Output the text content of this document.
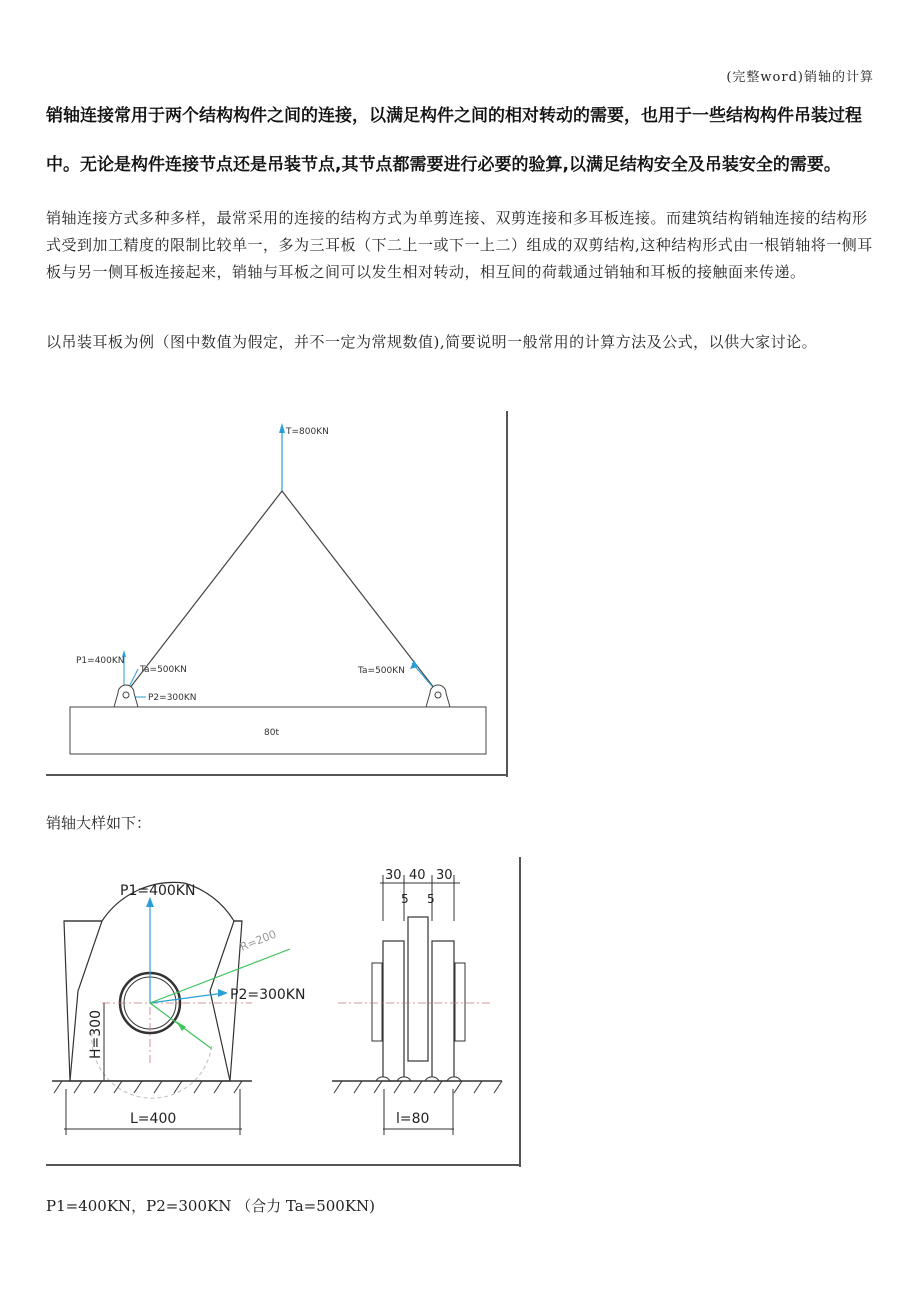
(完整word)销轴的计算
销轴连接常用于两个结构构件之间的连接，以满足构件之间的相对转动的需要，也用于一些结构构件吊装过程中。无论是构件连接节点还是吊装节点,其节点都需要进行必要的验算,以满足结构安全及吊装安全的需要。
销轴连接方式多种多样，最常采用的连接的结构方式为单剪连接、双剪连接和多耳板连接。而建筑结构销轴连接的结构形式受到加工精度的限制比较单一，多为三耳板（下二上一或下一上二）组成的双剪结构,这种结构形式由一根销轴将一侧耳板与另一侧耳板连接起来，销轴与耳板之间可以发生相对转动，相互间的荷载通过销轴和耳板的接触面来传递。
以吊装耳板为例（图中数值为假定，并不一定为常规数值),简要说明一般常用的计算方法及公式，以供大家讨论。
T=800KN
P1=400KN
Ta=500KN
P2=300KN
Ta=500KN
80t
销轴大样如下：
P1=400KN
P2=300KN
R=200
H=300
L=400
30 40 30
5 5
l=80
P1=400KN，P2=300KN （合力 Ta=500KN)
